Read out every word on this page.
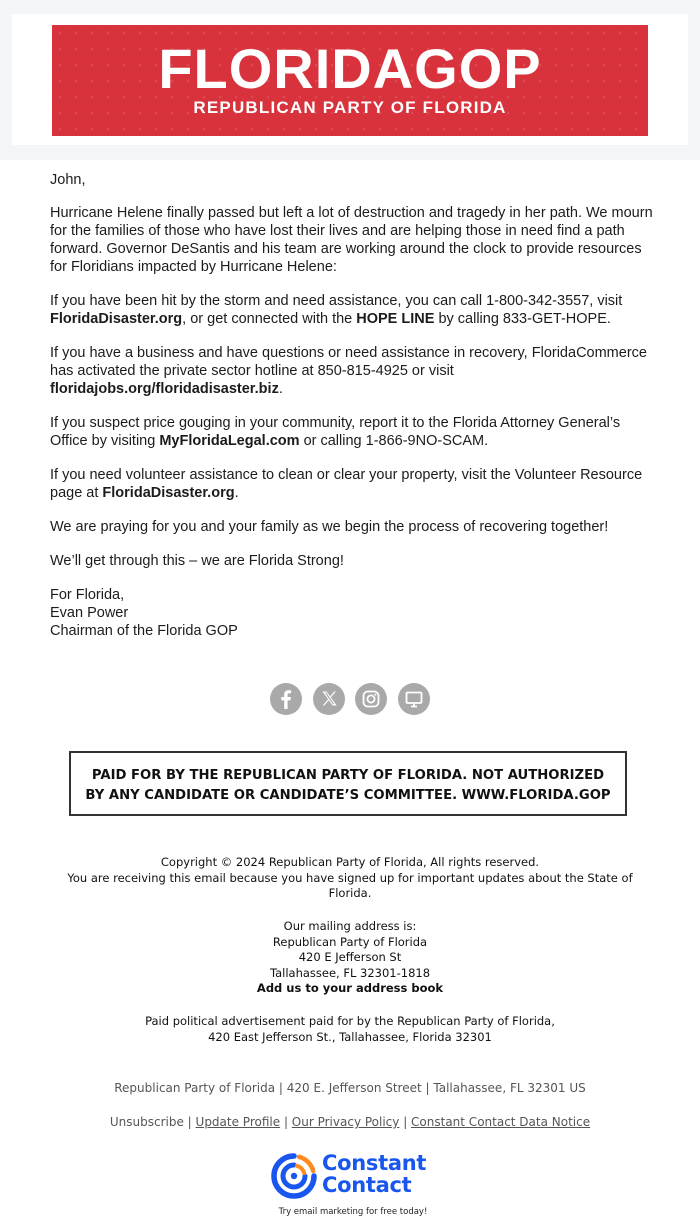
FLORIDAGOP
REPUBLICAN PARTY OF FLORIDA

John,

Hurricane Helene finally passed but left a lot of destruction and tragedy in her path. We mourn for the families of those who have lost their lives and are helping those in need find a path forward. Governor DeSantis and his team are working around the clock to provide resources for Floridians impacted by Hurricane Helene:

If you have been hit by the storm and need assistance, you can call 1-800-342-3557, visit FloridaDisaster.org, or get connected with the HOPE LINE by calling 833-GET-HOPE.

If you have a business and have questions or need assistance in recovery, FloridaCommerce has activated the private sector hotline at 850-815-4925 or visit floridajobs.org/floridadisaster.biz.

If you suspect price gouging in your community, report it to the Florida Attorney General’s Office by visiting MyFloridaLegal.com or calling 1-866-9NO-SCAM.

If you need volunteer assistance to clean or clear your property, visit the Volunteer Resource page at FloridaDisaster.org.

We are praying for you and your family as we begin the process of recovering together!

We’ll get through this – we are Florida Strong!

For Florida,
Evan Power
Chairman of the Florida GOP

PAID FOR BY THE REPUBLICAN PARTY OF FLORIDA. NOT AUTHORIZED
BY ANY CANDIDATE OR CANDIDATE’S COMMITTEE. WWW.FLORIDA.GOP
Copyright © 2024 Republican Party of Florida, All rights reserved.
You are receiving this email because you have signed up for important updates about the State of Florida.
Our mailing address is:
Republican Party of Florida
420 E Jefferson St
Tallahassee, FL 32301-1818
Add us to your address book
Paid political advertisement paid for by the Republican Party of Florida,
420 East Jefferson St., Tallahassee, Florida 32301
Republican Party of Florida | 420 E. Jefferson Street | Tallahassee, FL 32301 US
Unsubscribe | Update Profile | Our Privacy Policy | Constant Contact Data Notice
Constant
Contact
Try email marketing for free today!
